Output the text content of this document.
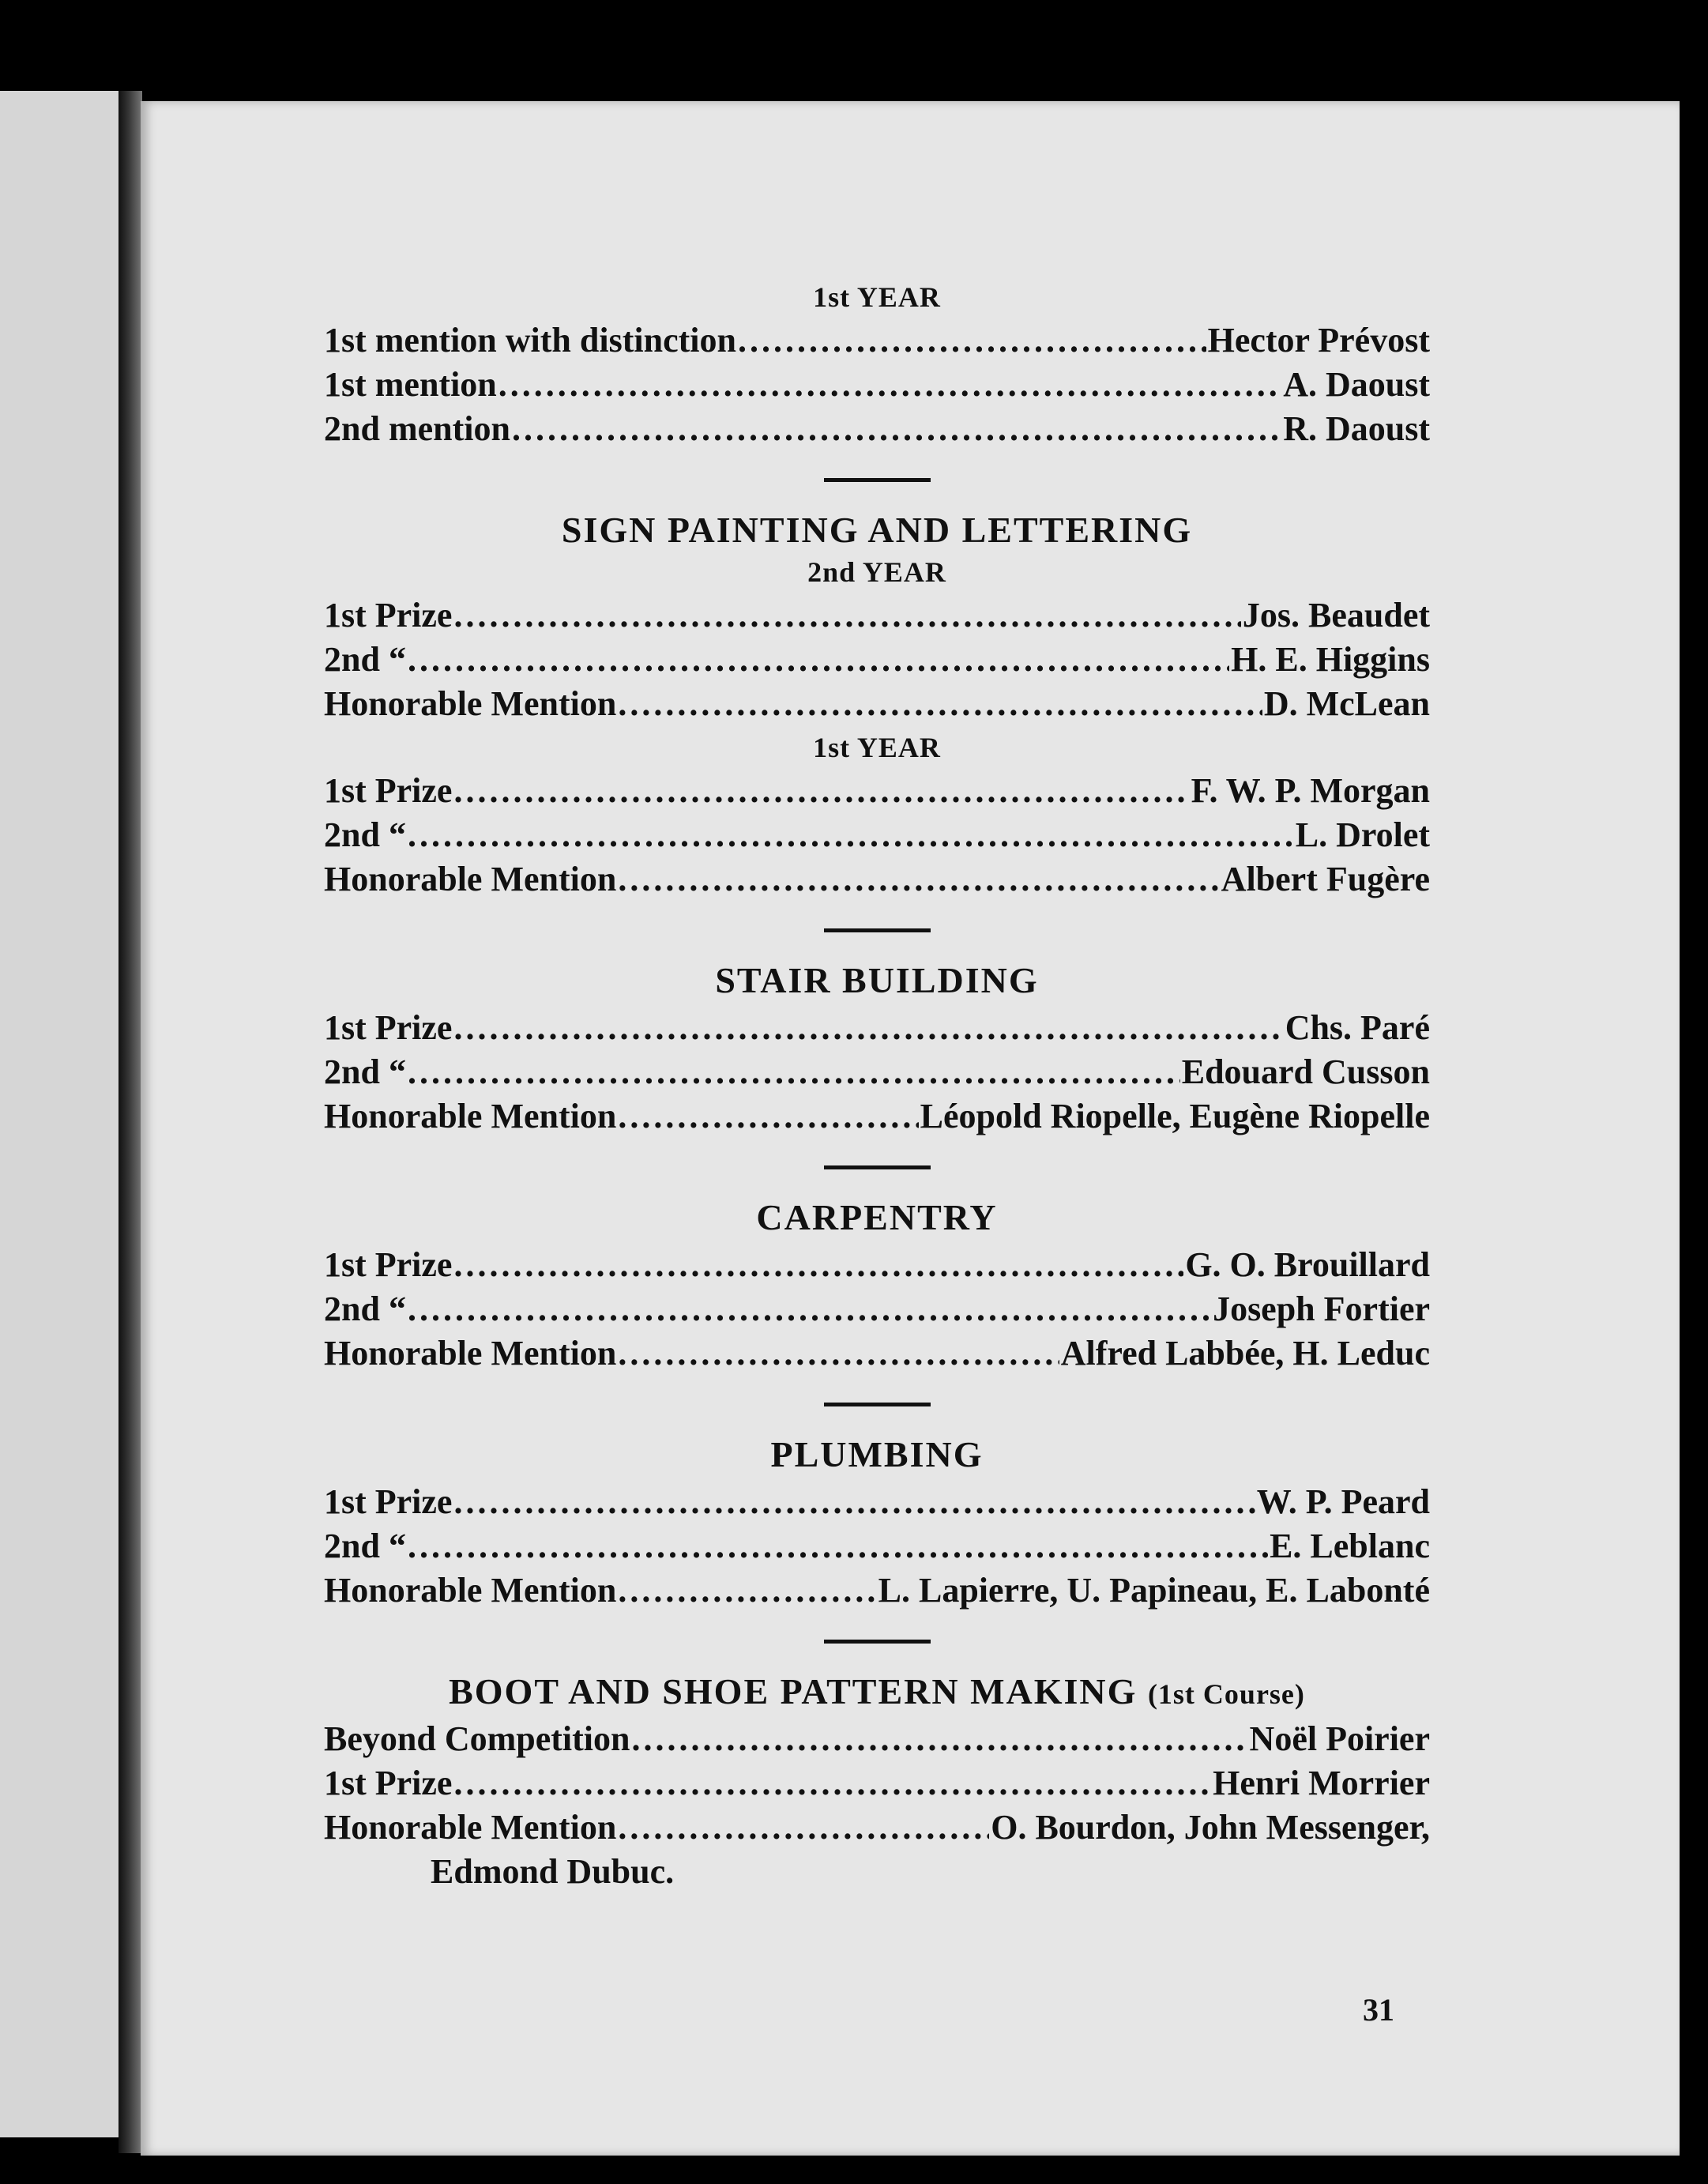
1st YEAR
1st mention with distinction .....	Hector Prévost
1st mention .....	A. Daoust
2nd mention .....	R. Daoust
SIGN PAINTING AND LETTERING
2nd YEAR
1st Prize .....	Jos. Beaudet
2nd “ .....	H. E. Higgins
Honorable Mention .....	D. McLean
1st YEAR
1st Prize .....	F. W. P. Morgan
2nd “ .....	L. Drolet
Honorable Mention .....	Albert Fugère
STAIR BUILDING
1st Prize .....	Chs. Paré
2nd “ .....	Edouard Cusson
Honorable Mention .....	Léopold Riopelle, Eugène Riopelle
CARPENTRY
1st Prize .....	G. O. Brouillard
2nd “ .....	Joseph Fortier
Honorable Mention .....	Alfred Labbée, H. Leduc
PLUMBING
1st Prize .....	W. P. Peard
2nd “ .....	E. Leblanc
Honorable Mention .....	L. Lapierre, U. Papineau, E. Labonté
BOOT AND SHOE PATTERN MAKING (1st Course)
Beyond Competition .....	Noël Poirier
1st Prize .....	Henri Morrier
Honorable Mention .....	O. Bourdon, John Messenger,
Edmond Dubuc.
31
